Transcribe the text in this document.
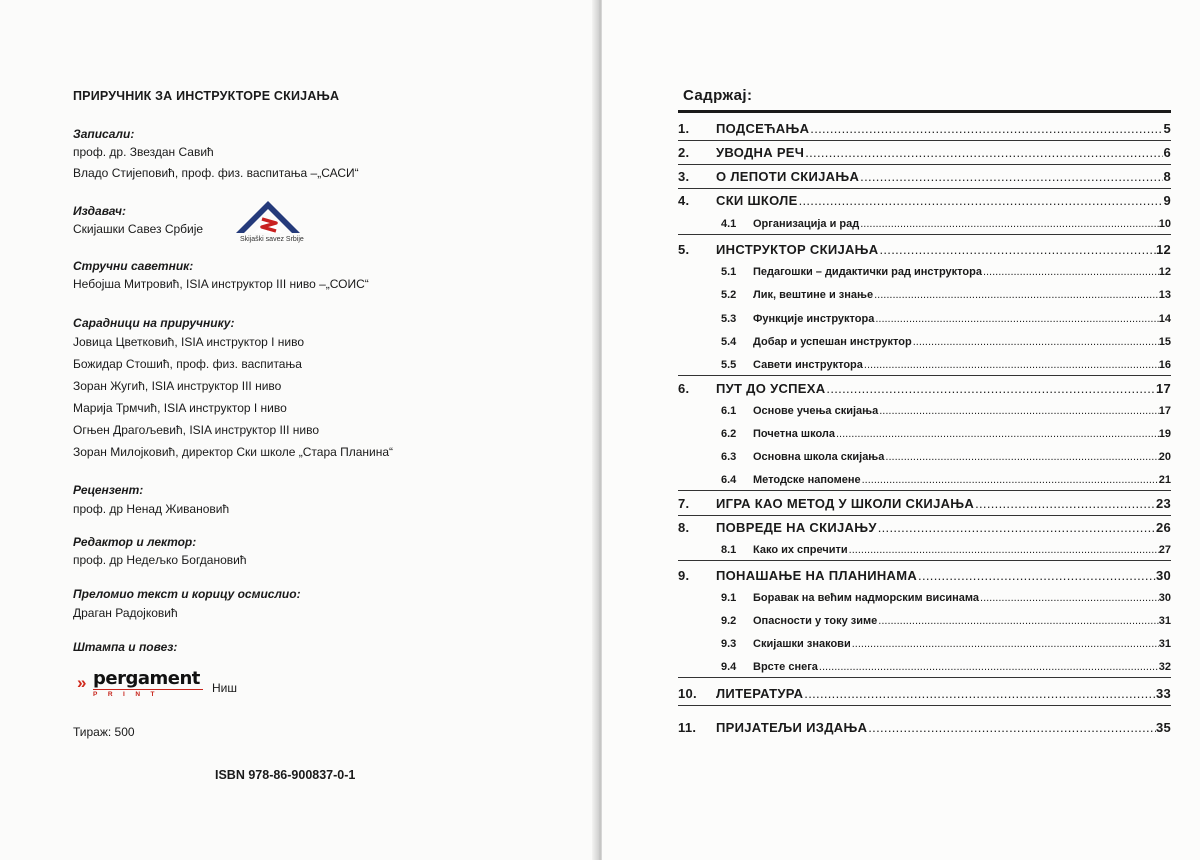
ПРИРУЧНИК ЗА ИНСТРУКТОРЕ СКИЈАЊА
Записали:
проф. др. Звездан Савић
Владо Стијеповић, проф. физ. васпитања –„САСИ“
Издавач:
Скијашки Савез Србије
Skijaški savez Srbije
Стручни саветник:
Небојша Митровић, ISIA инструктор III ниво –„СОИС“
Сарадници на приручнику:
Јовица Цветковић, ISIA инструктор I ниво
Божидар Стошић, проф. физ. васпитања
Зоран Жугић, ISIA инструктор III ниво
Марија Трмчић, ISIA инструктор I ниво
Огњен Драгољевић, ISIA инструктор III ниво
Зоран Милојковић, директор Ски школе „Стара Планина“
Рецензент:
проф. др Ненад Живановић
Редактор и лектор:
проф. др Недељко Богдановић
Преломио текст и корицу осмислио:
Драган Радојковић
Штампа и повез:
» pergament
PRINT	Ниш
Тираж: 500
ISBN 978-86-900837-0-1
Садржај:
1.	ПОДСЕЋАЊА .....	5
2.	УВОДНА РЕЧ .....	6
3.	О ЛЕПОТИ СКИЈАЊА .....	8
4.	СКИ ШКОЛЕ .....	9
4.1	Организација и рад .....	10
5.	ИНСТРУКТОР СКИЈАЊА .....	12
5.1	Педагошки – дидактички рад инструктора .....	12
5.2	Лик, вештине и знање .....	13
5.3	Функције инструктора .....	14
5.4	Добар и успешан инструктор .....	15
5.5	Савети инструктора .....	16
6.	ПУТ ДО УСПЕХА .....	17
6.1	Основе учења скијања .....	17
6.2	Почетна школа .....	19
6.3	Основна школа скијања .....	20
6.4	Методске напомене .....	21
7.	ИГРА КАО МЕТОД У ШКОЛИ СКИЈАЊА .....	23
8.	ПОВРЕДЕ НА СКИЈАЊУ .....	26
8.1	Како их спречити .....	27
9.	ПОНАШАЊЕ НА ПЛАНИНАМА .....	30
9.1	Боравак на већим надморским висинама .....	30
9.2	Опасности у току зиме .....	31
9.3	Скијашки знакови .....	31
9.4	Врсте снега .....	32
10.	ЛИТЕРАТУРА .....	33
11.	ПРИЈАТЕЉИ ИЗДАЊА .....	35
